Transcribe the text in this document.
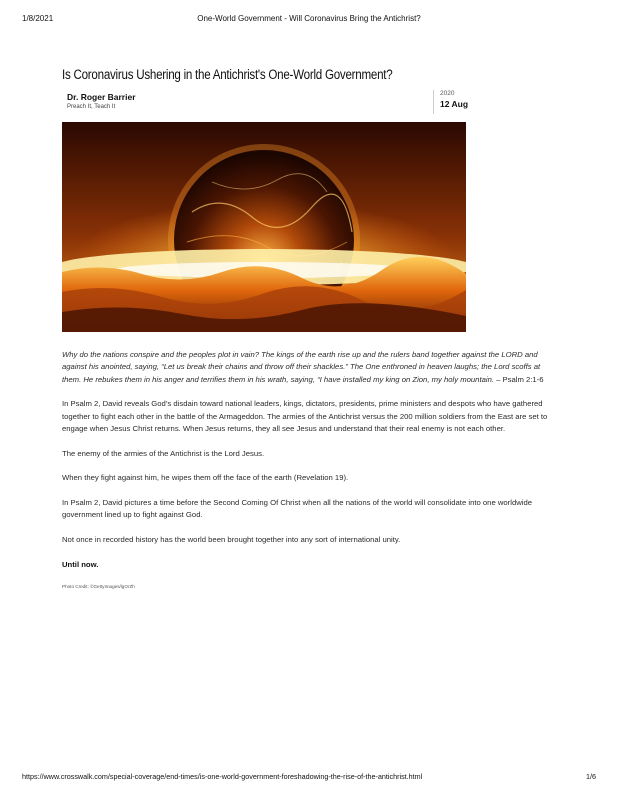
1/8/2021	One-World Government - Will Coronavirus Bring the Antichrist?
Is Coronavirus Ushering in the Antichrist's One-World Government?
Dr. Roger Barrier
Preach It, Teach It
2020
12 Aug

Why do the nations conspire and the peoples plot in vain? The kings of the earth rise up and the rulers band together against the LORD and against his anointed, saying, “Let us break their chains and throw off their shackles.” The One enthroned in heaven laughs; the Lord scoffs at them. He rebukes them in his anger and terrifies them in his wrath, saying, “I have installed my king on Zion, my holy mountain. – Psalm 2:1-6

In Psalm 2, David reveals God’s disdain toward national leaders, kings, dictators, presidents, prime ministers and despots who have gathered together to fight each other in the battle of the Armageddon. The armies of the Antichrist versus the 200 million soldiers from the East are set to engage when Jesus Christ returns. When Jesus returns, they all see Jesus and understand that their real enemy is not each other.

The enemy of the armies of the Antichrist is the Lord Jesus.

When they fight against him, he wipes them off the face of the earth (Revelation 19).

In Psalm 2, David pictures a time before the Second Coming Of Christ when all the nations of the world will consolidate into one worldwide government lined up to fight against God.

Not once in recorded history has the world been brought together into any sort of international unity.

Until now.

Photo Credit: ©GettyImages/lgOrZh
https://www.crosswalk.com/special-coverage/end-times/is-one-world-government-foreshadowing-the-rise-of-the-antichrist.html	1/6
